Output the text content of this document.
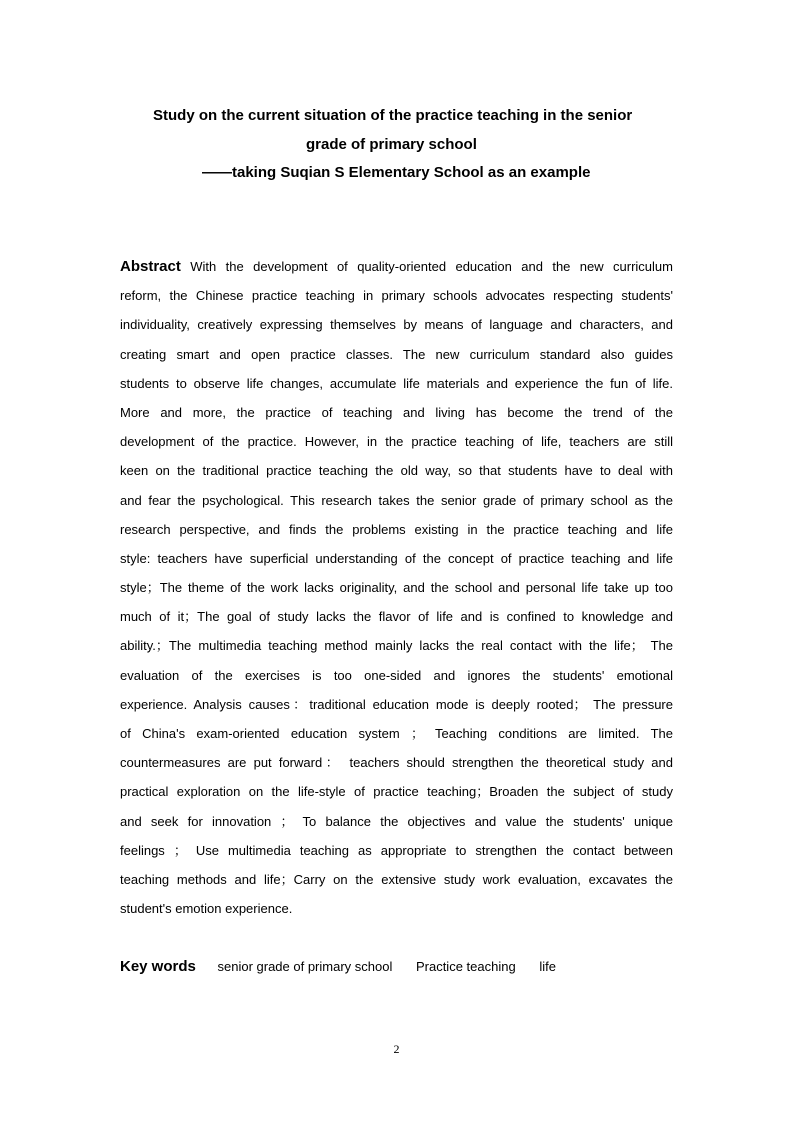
Study on the current situation of the practice teaching in the senior
grade of primary school
——taking Suqian S Elementary School as an example
Abstract With the development of quality-oriented education and the new curriculum
reform, the Chinese practice teaching in primary schools advocates respecting students'
individuality, creatively expressing themselves by means of language and characters, and
creating smart and open practice classes. The new curriculum standard also guides
students to observe life changes, accumulate life materials and experience the fun of life.
More and more, the practice of teaching and living has become the trend of the
development of the practice. However, in the practice teaching of life, teachers are still
keen on the traditional practice teaching the old way, so that students have to deal with
and fear the psychological. This research takes the senior grade of primary school as the
research perspective, and finds the problems existing in the practice teaching and life
style: teachers have superficial understanding of the concept of practice teaching and life
style；The theme of the work lacks originality, and the school and personal life take up too
much of it；The goal of study lacks the flavor of life and is confined to knowledge and
ability.；The multimedia teaching method mainly lacks the real contact with the life； The
evaluation of the exercises is too one-sided and ignores the students' emotional
experience. Analysis causes：traditional education mode is deeply rooted； The pressure
of China's exam-oriented education system ； Teaching conditions are limited. The
countermeasures are put forward： teachers should strengthen the theoretical study and
practical exploration on the life-style of practice teaching；Broaden the subject of study
and seek for innovation ； To balance the objectives and value the students' unique
feelings ； Use multimedia teaching as appropriate to strengthen the contact between
teaching methods and life；Carry on the extensive study work evaluation, excavates the
student's emotion experience.
Key words senior grade of primary school Practice teaching life
2
